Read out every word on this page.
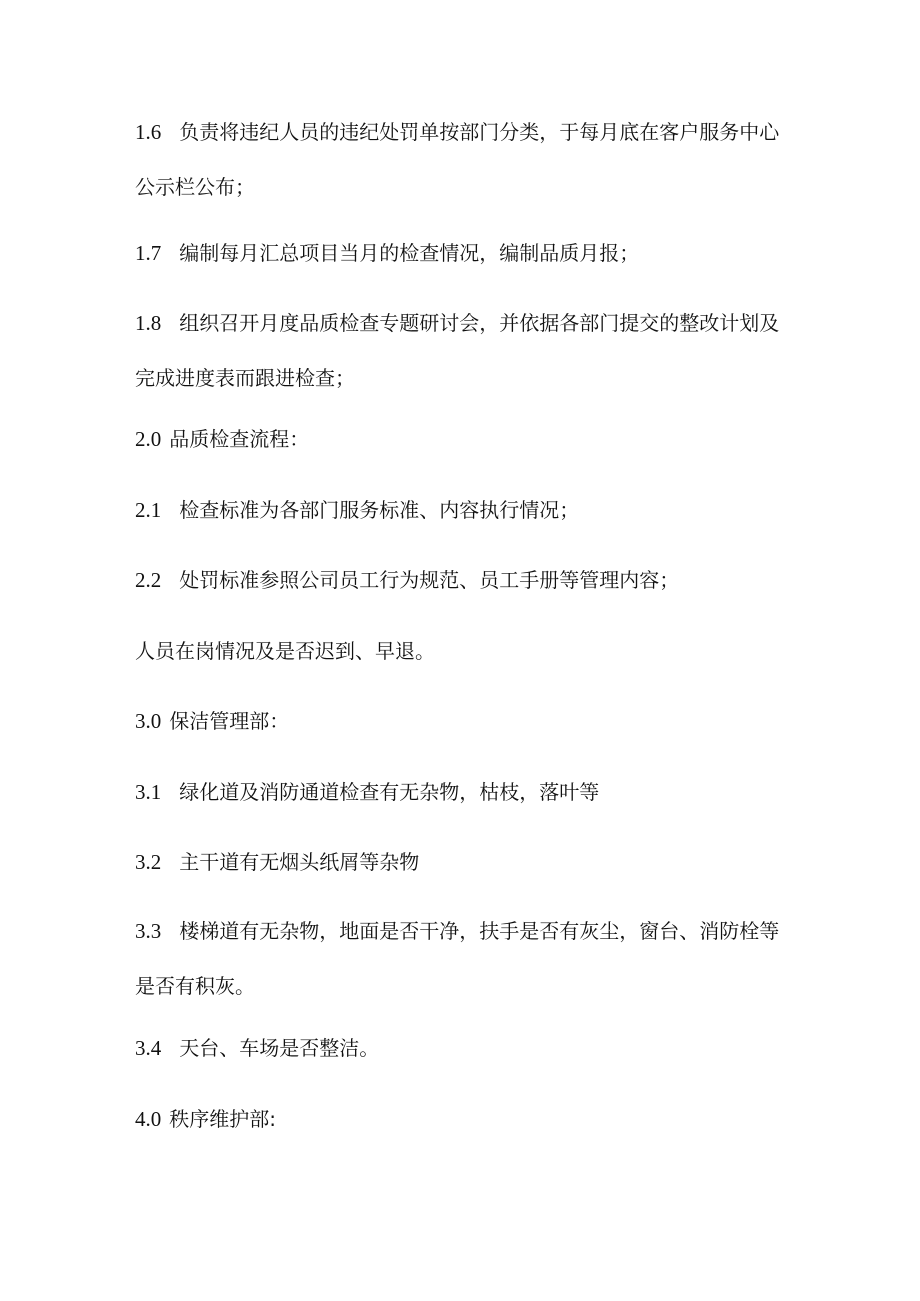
1.6 负责将违纪人员的违纪处罚单按部门分类，于每月底在客户服务中心公示栏公布；
1.7 编制每月汇总项目当月的检查情况，编制品质月报；
1.8 组织召开月度品质检查专题研讨会，并依据各部门提交的整改计划及完成进度表而跟进检查；
2.0 品质检查流程：
2.1 检查标准为各部门服务标准、内容执行情况；
2.2 处罚标准参照公司员工行为规范、员工手册等管理内容；
人员在岗情况及是否迟到、早退。
3.0 保洁管理部：
3.1 绿化道及消防通道检查有无杂物，枯枝，落叶等
3.2 主干道有无烟头纸屑等杂物
3.3 楼梯道有无杂物，地面是否干净，扶手是否有灰尘，窗台、消防栓等是否有积灰。
3.4 天台、车场是否整洁。
4.0 秩序维护部:
